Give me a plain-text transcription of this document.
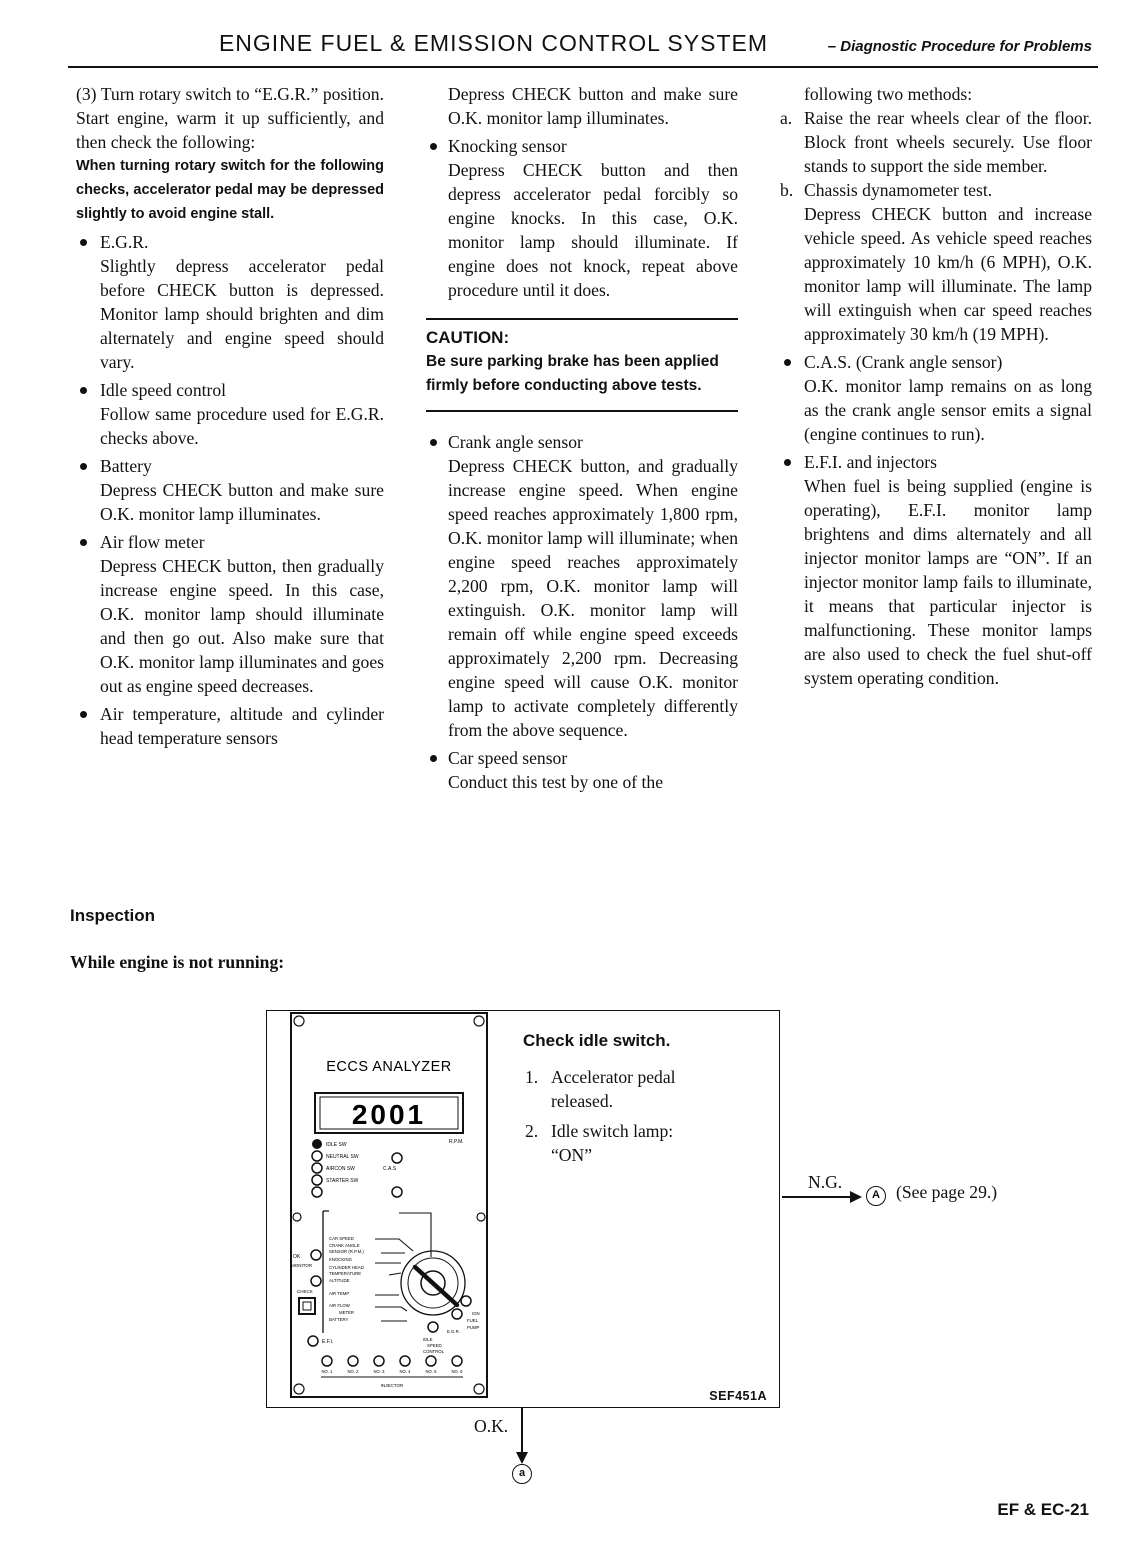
ENGINE FUEL & EMISSION CONTROL SYSTEM	– Diagnostic Procedure for Problems

(3) Turn rotary switch to “E.G.R.” position. Start engine, warm it up sufficiently, and then check the following:

When turning rotary switch for the following checks, accelerator pedal may be depressed slightly to avoid engine stall.

E.G.R.
Slightly depress accelerator pedal before CHECK button is depressed. Monitor lamp should brighten and dim alternately and engine speed should vary.
Idle speed control
Follow same procedure used for E.G.R. checks above.
Battery
Depress CHECK button and make sure O.K. monitor lamp illuminates.
Air flow meter
Depress CHECK button, then gradually increase engine speed. In this case, O.K. monitor lamp should illuminate and then go out. Also make sure that O.K. monitor lamp illuminates and goes out as engine speed decreases.
Air temperature, altitude and cylinder head temperature sensors

Depress CHECK button and make sure O.K. monitor lamp illuminates.

Knocking sensor
Depress CHECK button and then depress accelerator pedal forcibly so engine knocks. In this case, O.K. monitor lamp should illuminate. If engine does not knock, repeat above procedure until it does.
CAUTION:
Be sure parking brake has been applied firmly before conducting above tests.
Crank angle sensor
Depress CHECK button, and gradually increase engine speed. When engine speed reaches approximately 1,800 rpm, O.K. monitor lamp will illuminate; when engine speed reaches approximately 2,200 rpm, O.K. monitor lamp will extinguish. O.K. monitor lamp will remain off while engine speed exceeds approximately 2,200 rpm. Decreasing engine speed will cause O.K. monitor lamp to activate completely differently from the above sequence.
Car speed sensor
Conduct this test by one of the

following two methods:

a. Raise the rear wheels clear of the floor. Block front wheels securely. Use floor stands to support the side member.
b. Chassis dynamometer test.
Depress CHECK button and increase vehicle speed. As vehicle speed reaches approximately 10 km/h (6 MPH), O.K. monitor lamp will illuminate. The lamp will extinguish when car speed reaches approximately 30 km/h (19 MPH).
C.A.S. (Crank angle sensor)
O.K. monitor lamp remains on as long as the crank angle sensor emits a signal (engine continues to run).
E.F.I. and injectors
When fuel is being supplied (engine is operating), E.F.I. monitor lamp brightens and dims alternately and all injector monitor lamps are “ON”. If an injector monitor lamp fails to illuminate, it means that particular injector is malfunctioning. These monitor lamps are also used to check the fuel shut-off system operating condition.
Inspection
While engine is not running:
ECCS ANALYZER
2001
R.P.M.
IDLE SW
NEUTRAL SW
AIRCON SW
STARTER SW
C.A.S
OK
MONITOR
CHECK
E.F.I.
CAR SPEED
CRANK ANGLE
SENSOR (R.P.M.)
KNOCKING
CYLINDER HEAD
TEMPERATURE
ALTITUDE
AIR TEMP
AIR FLOW
METER
BATTERY
IGN
FUEL
PUMP
E.G.R.
IDLE
SPEED
CONTROL
NO. 1	NO. 2	NO. 3	NO. 4	NO. 5	NO. 6
INJECTOR
Check idle switch.
1. Accelerator pedal released.
2. Idle switch lamp:
“ON”
SEF451A
N.G.
A (See page 29.)
O.K.
a
EF & EC-21
